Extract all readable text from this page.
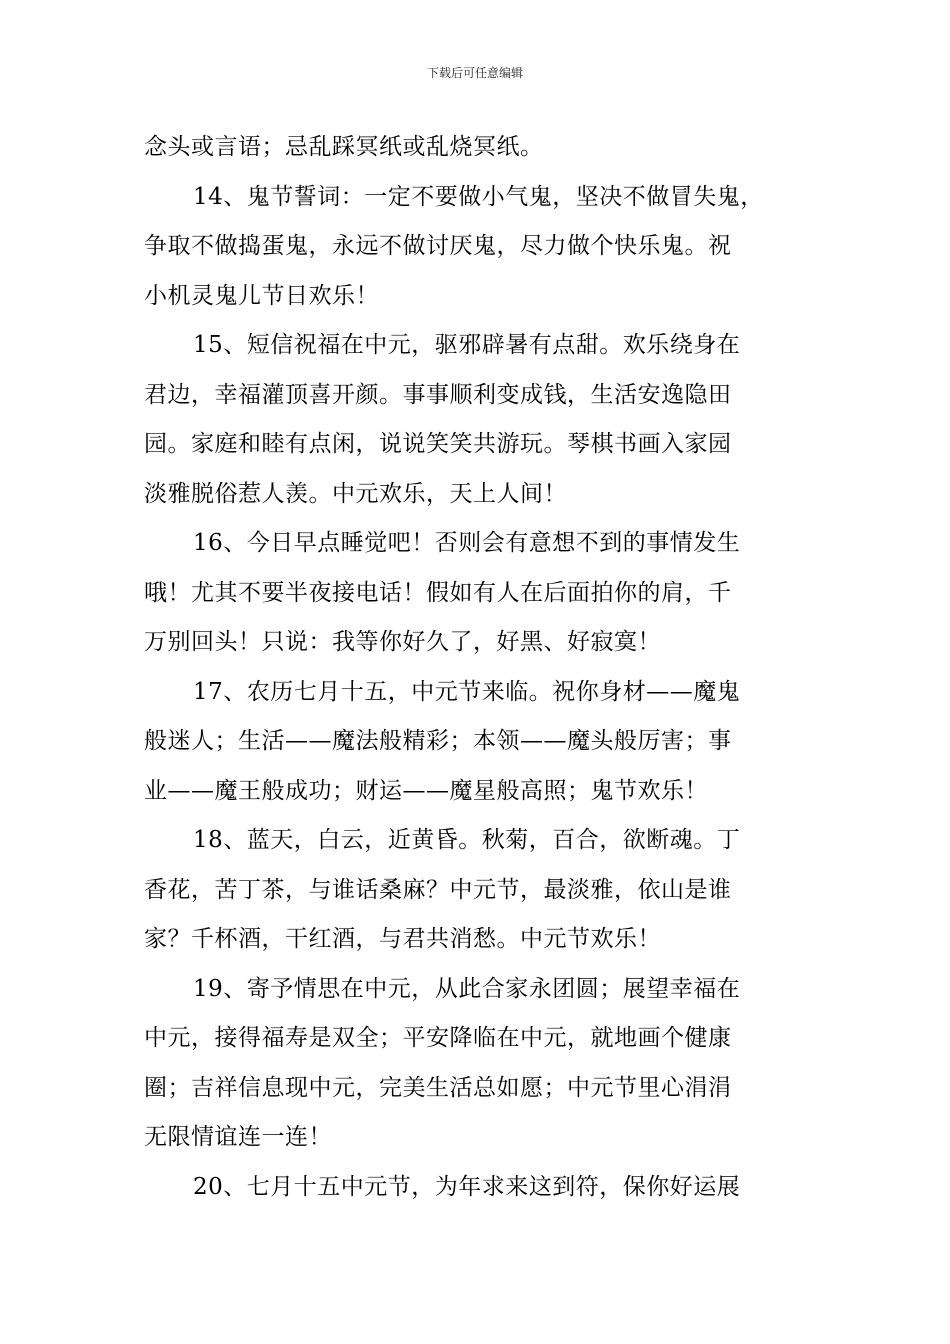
下载后可任意编辑
念头或言语；忌乱踩冥纸或乱烧冥纸。
14、鬼节誓词：一定不要做小气鬼，坚决不做冒失鬼，
争取不做捣蛋鬼，永远不做讨厌鬼，尽力做个快乐鬼。祝
小机灵鬼儿节日欢乐！
15、短信祝福在中元，驱邪辟暑有点甜。欢乐绕身在
君边，幸福灌顶喜开颜。事事顺利变成钱，生活安逸隐田
园。家庭和睦有点闲，说说笑笑共游玩。琴棋书画入家园
淡雅脱俗惹人羡。中元欢乐，天上人间！
16、今日早点睡觉吧！否则会有意想不到的事情发生
哦！尤其不要半夜接电话！假如有人在后面拍你的肩，千
万别回头！只说：我等你好久了，好黑、好寂寞！
17、农历七月十五，中元节来临。祝你身材——魔鬼
般迷人；生活——魔法般精彩；本领——魔头般厉害；事
业——魔王般成功；财运——魔星般高照；鬼节欢乐！
18、蓝天，白云，近黄昏。秋菊，百合，欲断魂。丁
香花，苦丁茶，与谁话桑麻？中元节，最淡雅，依山是谁
家？千杯酒，干红酒，与君共消愁。中元节欢乐！
19、寄予情思在中元，从此合家永团圆；展望幸福在
中元，接得福寿是双全；平安降临在中元，就地画个健康
圈；吉祥信息现中元，完美生活总如愿；中元节里心涓涓
无限情谊连一连！
20、七月十五中元节，为年求来这到符，保你好运展
